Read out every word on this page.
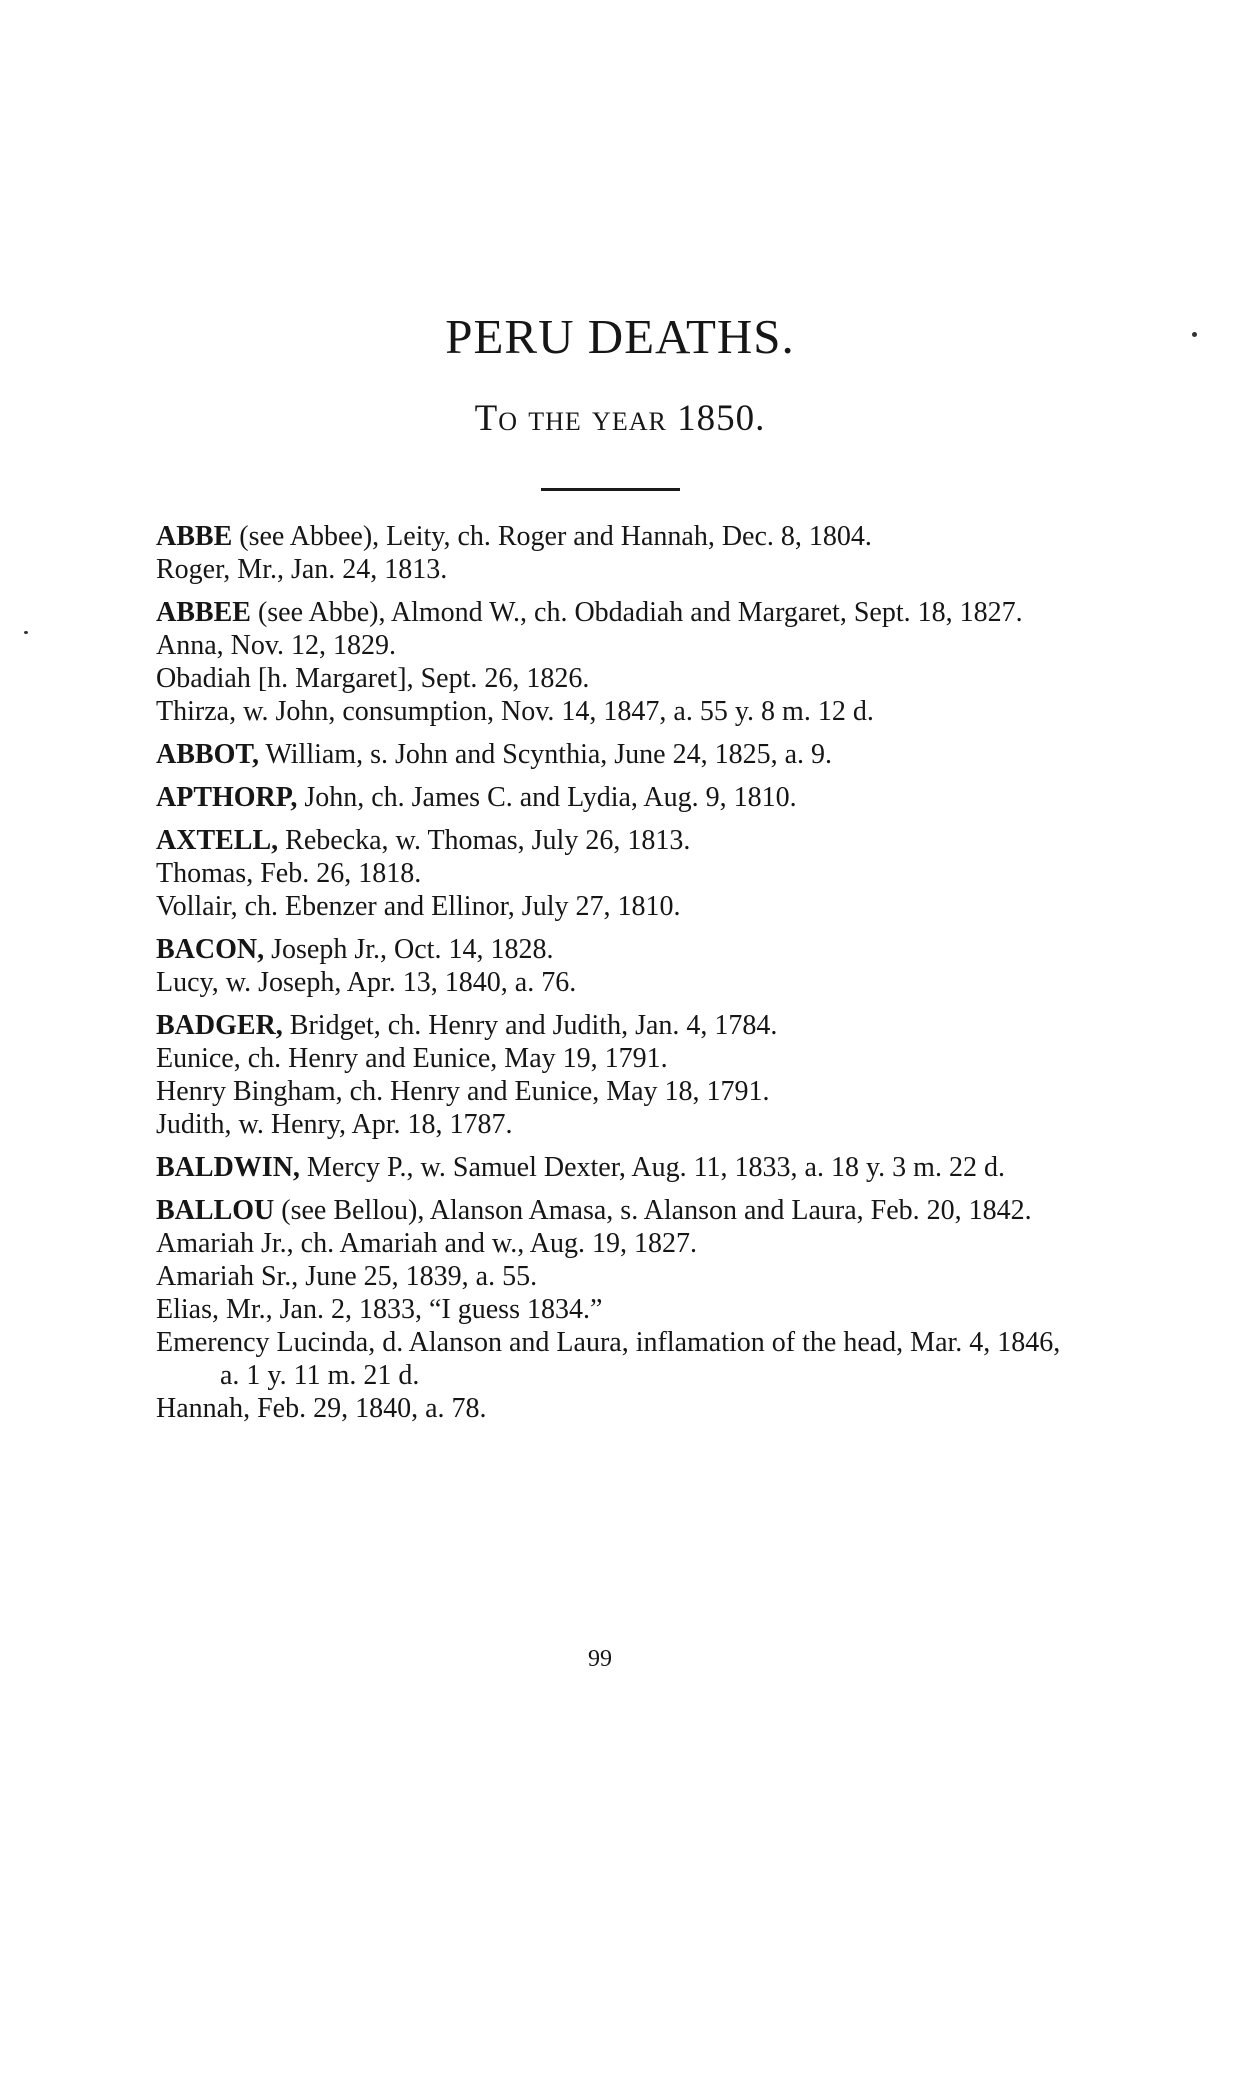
PERU DEATHS.
To the year 1850.
ABBE (see Abbee), Leity, ch. Roger and Hannah, Dec. 8, 1804.
Roger, Mr., Jan. 24, 1813.
ABBEE (see Abbe), Almond W., ch. Obdadiah and Margaret, Sept. 18, 1827.
Anna, Nov. 12, 1829.
Obadiah [h. Margaret], Sept. 26, 1826.
Thirza, w. John, consumption, Nov. 14, 1847, a. 55 y. 8 m. 12 d.
ABBOT, William, s. John and Scynthia, June 24, 1825, a. 9.
APTHORP, John, ch. James C. and Lydia, Aug. 9, 1810.
AXTELL, Rebecka, w. Thomas, July 26, 1813.
Thomas, Feb. 26, 1818.
Vollair, ch. Ebenzer and Ellinor, July 27, 1810.
BACON, Joseph Jr., Oct. 14, 1828.
Lucy, w. Joseph, Apr. 13, 1840, a. 76.
BADGER, Bridget, ch. Henry and Judith, Jan. 4, 1784.
Eunice, ch. Henry and Eunice, May 19, 1791.
Henry Bingham, ch. Henry and Eunice, May 18, 1791.
Judith, w. Henry, Apr. 18, 1787.
BALDWIN, Mercy P., w. Samuel Dexter, Aug. 11, 1833, a. 18 y. 3 m. 22 d.
BALLOU (see Bellou), Alanson Amasa, s. Alanson and Laura, Feb. 20, 1842.
Amariah Jr., ch. Amariah and w., Aug. 19, 1827.
Amariah Sr., June 25, 1839, a. 55.
Elias, Mr., Jan. 2, 1833, “I guess 1834.”
Emerency Lucinda, d. Alanson and Laura, inflamation of the head, Mar. 4, 1846, a. 1 y. 11 m. 21 d.
Hannah, Feb. 29, 1840, a. 78.
99
